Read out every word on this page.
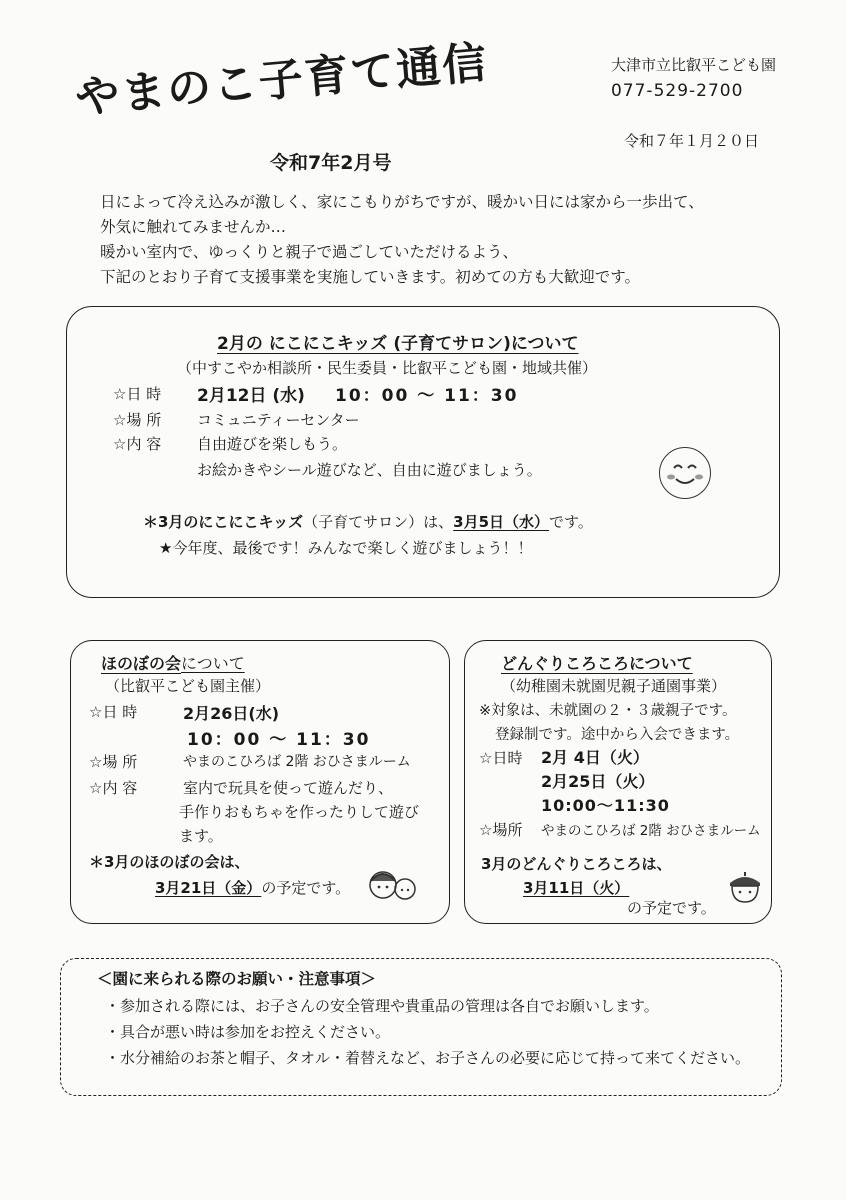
やまのこ子育て通信	大津市立比叡平こども園
077-529-2700
令和７年１月２０日
令和7年2月号
日によって冷え込みが激しく、家にこもりがちですが、暖かい日には家から一歩出て、
外気に触れてみませんか…
暖かい室内で、ゆっくりと親子で過ごしていただけるよう、
下記のとおり子育て支援事業を実施していきます。初めての方も大歓迎です。
2月の にこにこキッズ (子育てサロン)について
（中すこやか相談所・民生委員・比叡平こども園・地域共催）
☆日 時 2月12日 (水) 10：00 ～ 11：30
☆場 所 コミュニティーセンター
☆内 容 自由遊びを楽しもう。
お絵かきやシール遊びなど、自由に遊びましょう。
＊3月のにこにこキッズ（子育てサロン）は、3月5日（水）です。
★今年度、最後です！みんなで楽しく遊びましょう！！
ほのぼの会について
（比叡平こども園主催）
☆日 時	2月26日(水)
10：00 ～ 11：30
☆場 所	やまのこひろば 2階 おひさまルーム
☆内 容	室内で玩具を使って遊んだり、
手作りおもちゃを作ったりして遊び
ます。
＊3月のほのぼの会は、
3月21日（金）の予定です。
どんぐりころころについて
（幼稚園未就園児親子通園事業）
※対象は、未就園の２・３歳親子です。
登録制です。途中から入会できます。
☆日時 2月 4日（火）
2月25日（火）
10:00～11:30
☆場所 やまのこひろば 2階 おひさまルーム
3月のどんぐりころころは、
3月11日（火）
の予定です。
＜園に来られる際のお願い・注意事項＞
・参加される際には、お子さんの安全管理や貴重品の管理は各自でお願いします。
・具合が悪い時は参加をお控えください。
・水分補給のお茶と帽子、タオル・着替えなど、お子さんの必要に応じて持って来てください。
